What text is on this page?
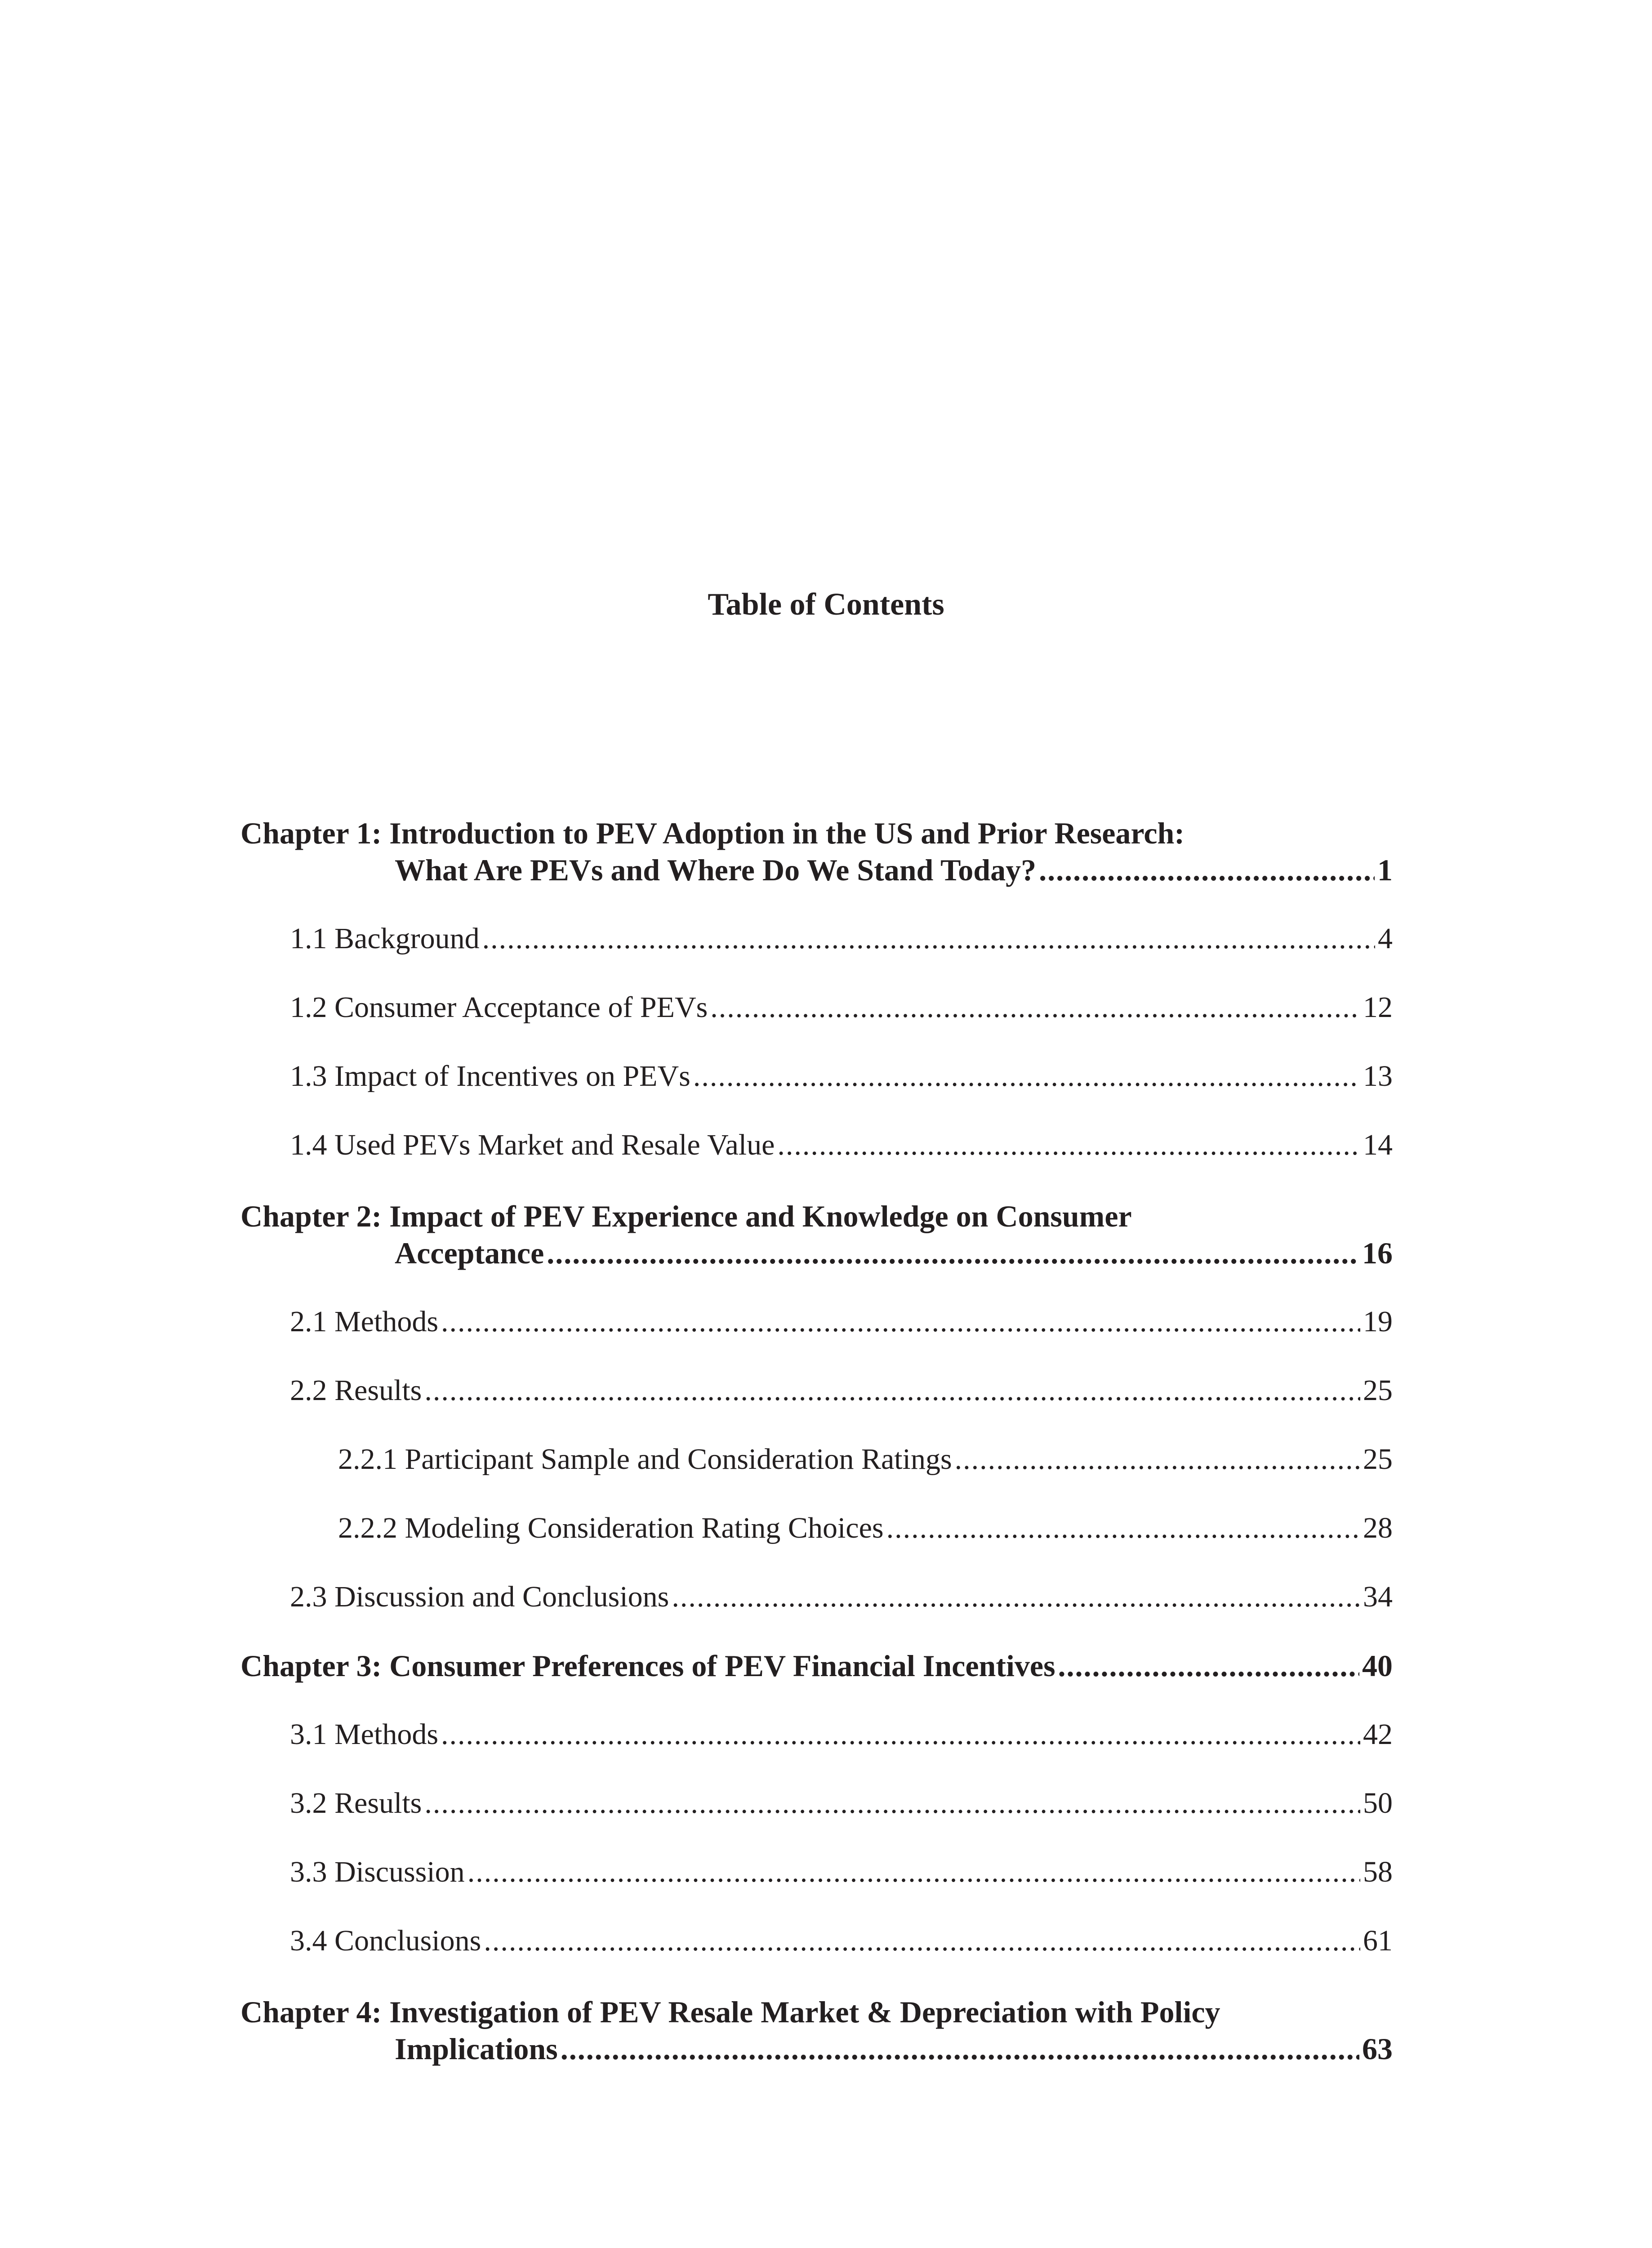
Table of Contents
Chapter 1: Introduction to PEV Adoption in the US and Prior Research:
What Are PEVs and Where Do We Stand Today? .....	1
1.1 Background .....	4
1.2 Consumer Acceptance of PEVs .....	12
1.3 Impact of Incentives on PEVs .....	13
1.4 Used PEVs Market and Resale Value .....	14
Chapter 2: Impact of PEV Experience and Knowledge on Consumer
Acceptance .....	16
2.1 Methods .....	19
2.2 Results .....	25
2.2.1 Participant Sample and Consideration Ratings .....	25
2.2.2 Modeling Consideration Rating Choices .....	28
2.3 Discussion and Conclusions .....	34
Chapter 3: Consumer Preferences of PEV Financial Incentives .....	40
3.1 Methods .....	42
3.2 Results .....	50
3.3 Discussion .....	58
3.4 Conclusions .....	61
Chapter 4: Investigation of PEV Resale Market & Depreciation with Policy
Implications .....	63
